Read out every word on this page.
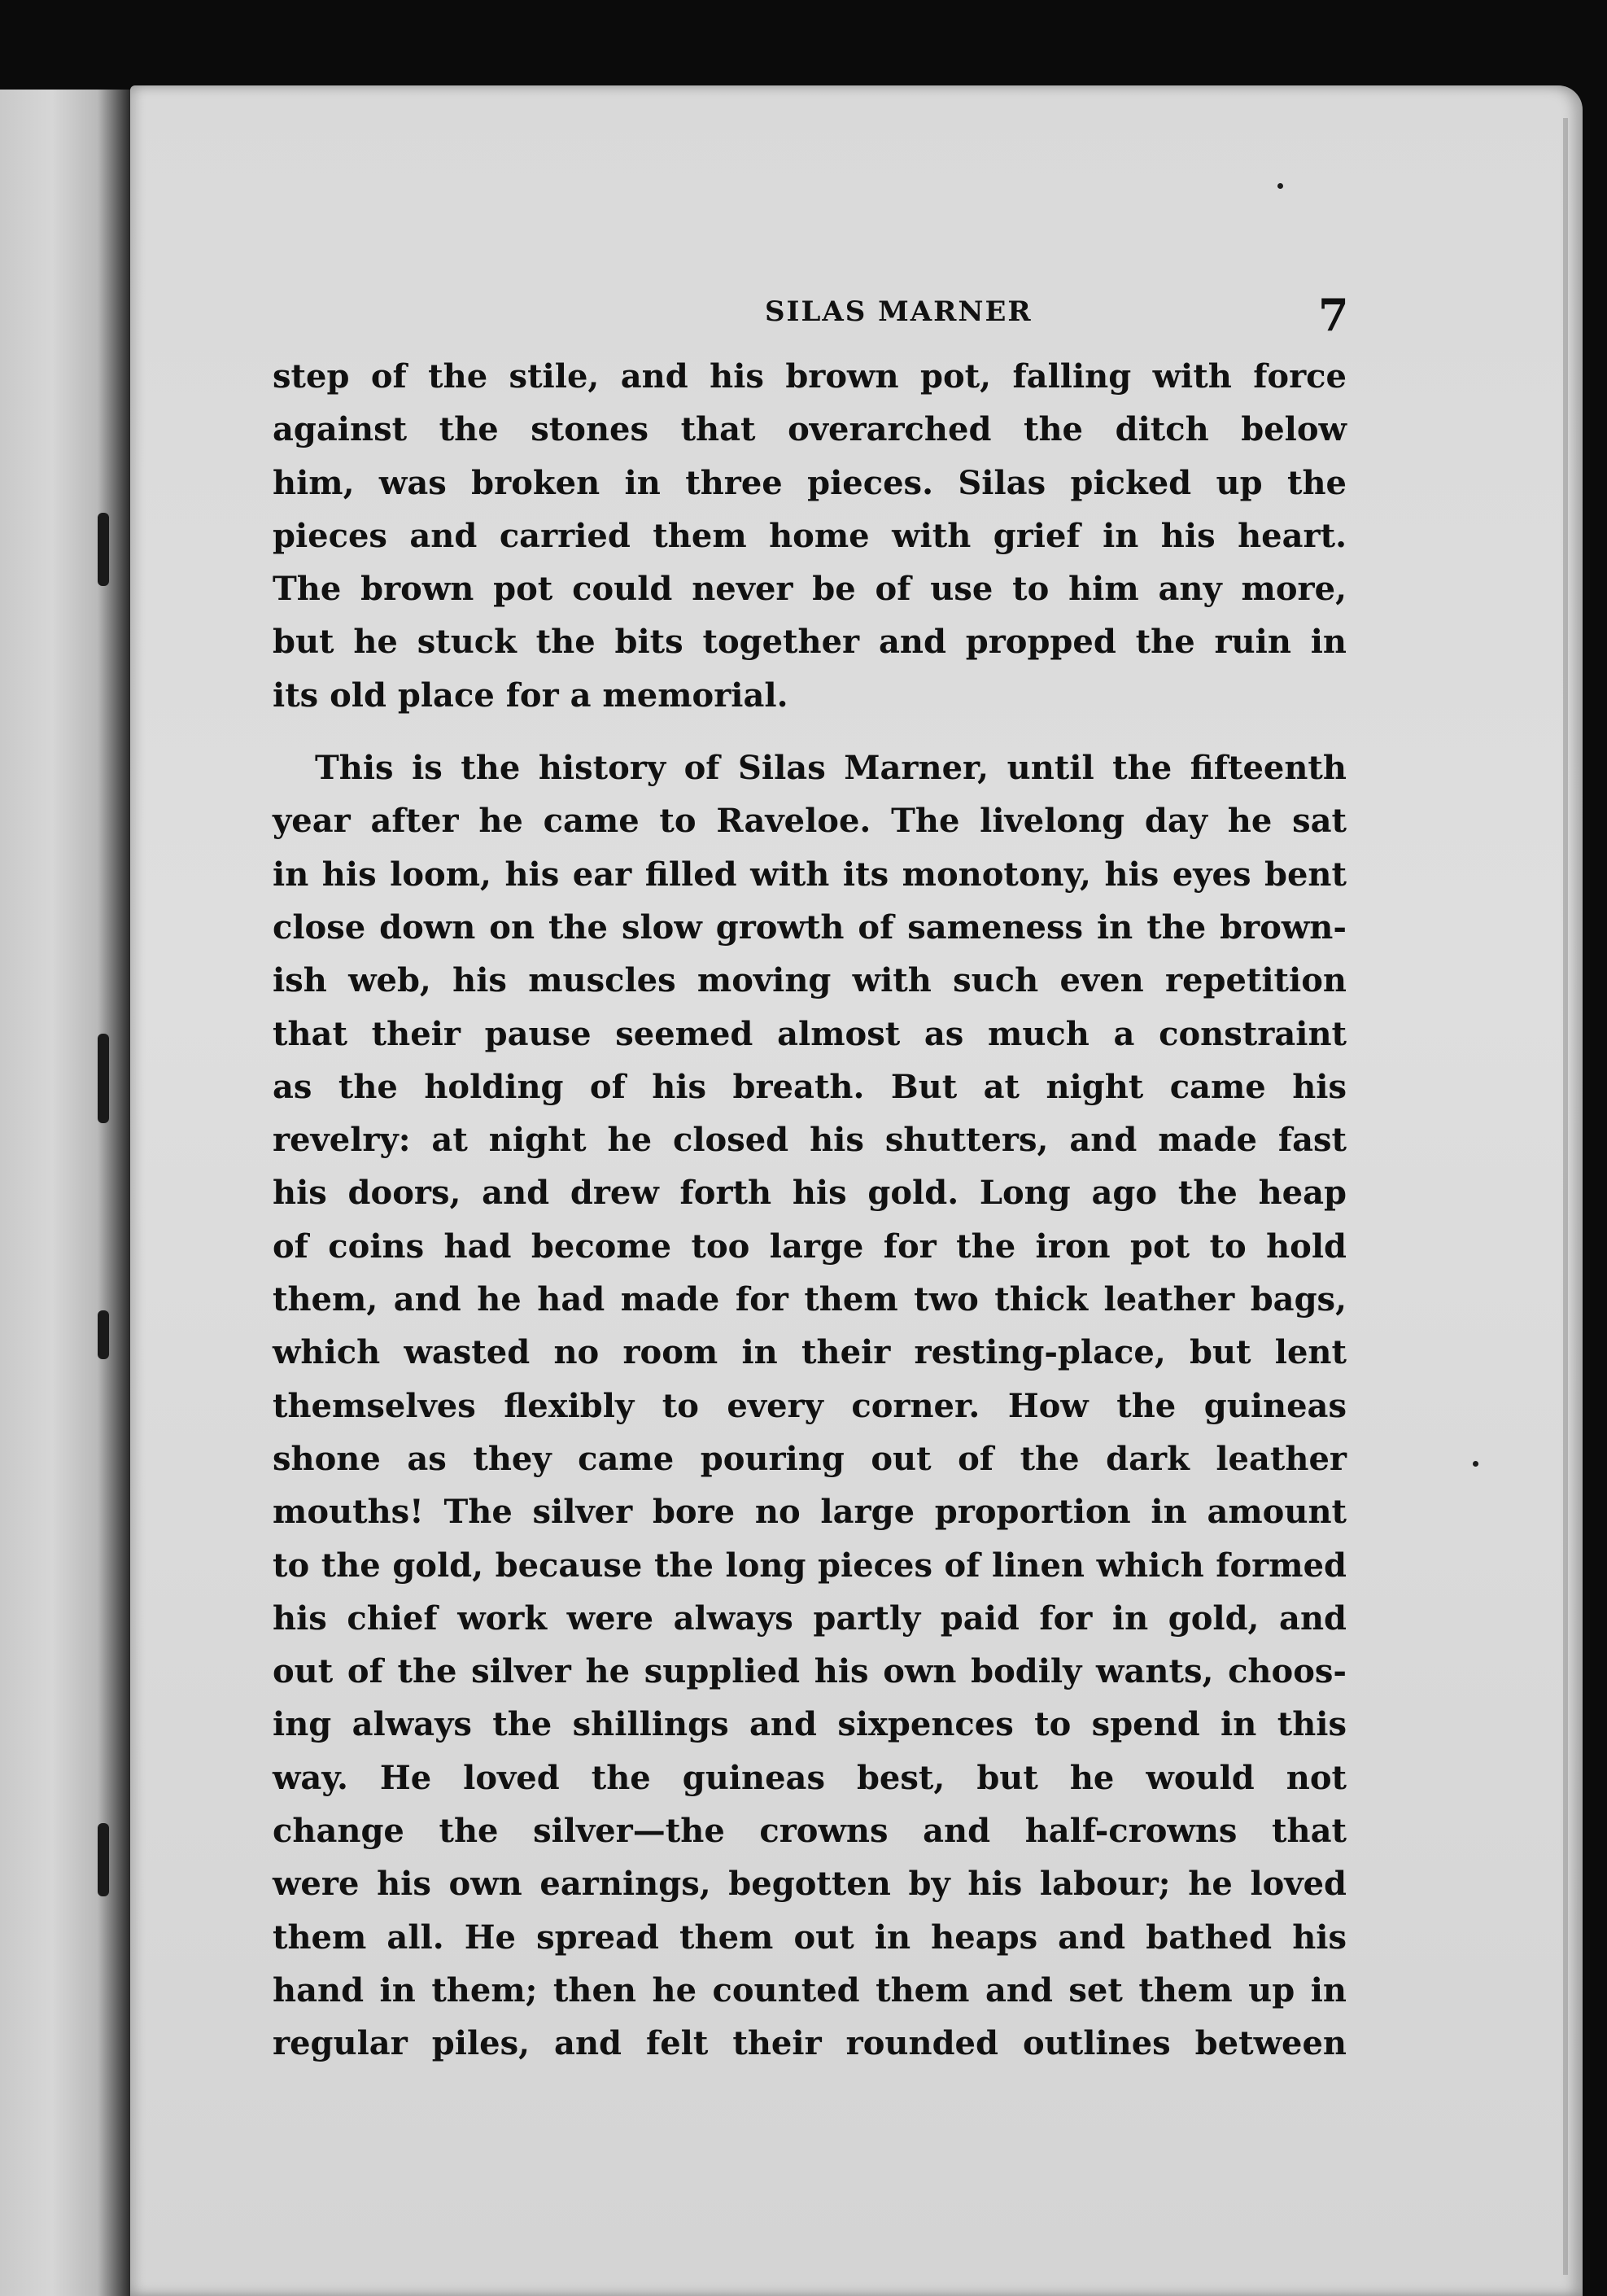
SILAS MARNER	7
step of the stile, and his brown pot, falling with force
against the stones that overarched the ditch below
him, was broken in three pieces. Silas picked up the
pieces and carried them home with grief in his heart.
The brown pot could never be of use to him any more,
but he stuck the bits together and propped the ruin in
its old place for a memorial.
This is the history of Silas Marner, until the fifteenth
year after he came to Raveloe. The livelong day he sat
in his loom, his ear filled with its monotony, his eyes bent
close down on the slow growth of sameness in the brown-
ish web, his muscles moving with such even repetition
that their pause seemed almost as much a constraint
as the holding of his breath. But at night came his
revelry: at night he closed his shutters, and made fast
his doors, and drew forth his gold. Long ago the heap
of coins had become too large for the iron pot to hold
them, and he had made for them two thick leather bags,
which wasted no room in their resting-place, but lent
themselves flexibly to every corner. How the guineas
shone as they came pouring out of the dark leather
mouths! The silver bore no large proportion in amount
to the gold, because the long pieces of linen which formed
his chief work were always partly paid for in gold, and
out of the silver he supplied his own bodily wants, choos-
ing always the shillings and sixpences to spend in this
way. He loved the guineas best, but he would not
change the silver—the crowns and half-crowns that
were his own earnings, begotten by his labour; he loved
them all. He spread them out in heaps and bathed his
hand in them; then he counted them and set them up in
regular piles, and felt their rounded outlines between
